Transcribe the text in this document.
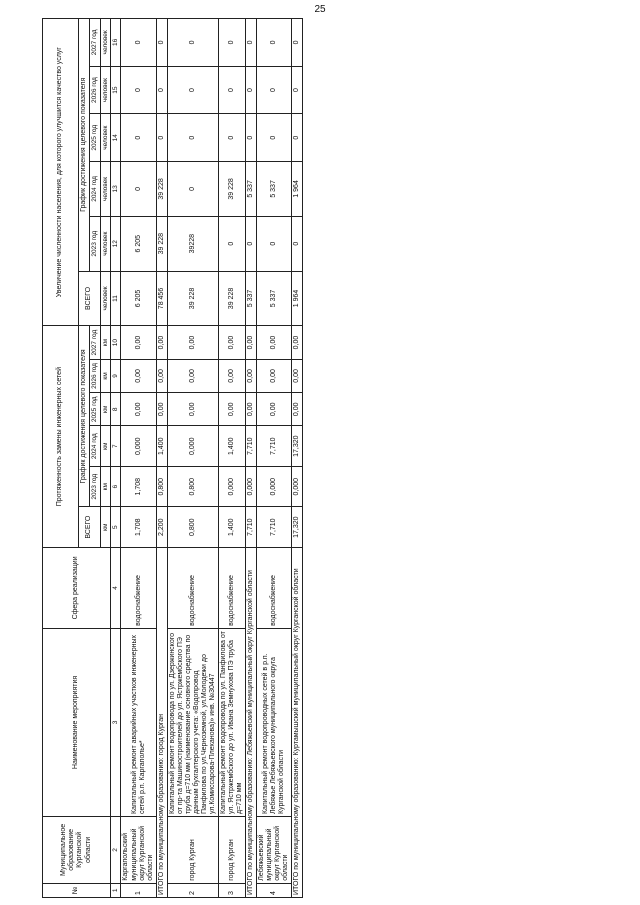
25
№	Муниципальное образование Курганской области	Наименование мероприятия	Сфера реализации	Протяженность замены инженерных сетей						Увеличение численности населения, для которого улучшится качество услуг					
				ВСЕГО	График достижения целевого показателя					ВСЕГО	График достижения целевого показателя				
					2023 год	2024 год	2025 год	2026 год	2027 год		2023 год	2024 год	2025 год	2026 год	2027 год
				км	км	км	км	км	км	человек	человек	человек	человек	человек	человек
1	2	3	4	5	6	7	8	9	10	11	12	13	14	15	16
1	Каргапольский муниципальный округ Курганской области	Капитальный ремонт аварийных участков инженерных сетей р.п. Каргаполье*	водоснабжение	1,708	1,708	0,000	0,00	0,00	0,00	6 205	6 205	0	0	0	0
ИТОГО по муниципальному образованию: город Курган				2,200	0,800	1,400	0,00	0,00	0,00	78 456	39 228	39 228	0	0	0
2	город Курган	Капитальный ремонт водопровода по ул. Дзержинского от пр-та Машиностроителей до ул. Ястржембского ПЭ труба д=710 мм (наименование основного средства по данным бухгалтерского учета: «Водопровод Панфилова по ул.Черноземной, ул.Молодежи до ул.Комиссарова-Плеханова)» инв. №30447	водоснабжение	0,800	0,800	0,000	0,00	0,00	0,00	39 228	39228	0	0	0	0
3	город Курган	Капитальный ремонт водопровода по ул. Панфилова от ул. Ястржембского до ул. Ивана Земнухова ПЭ труба д=710 мм	водоснабжение	1,400	0,000	1,400	0,00	0,00	0,00	39 228	0	39 228	0	0	0
ИТОГО по муниципальному образованию: Лебяжьевский муниципальный округ Курганской области				7,710	0,000	7,710	0,00	0,00	0,00	5 337	0	5 337	0	0	0
4	Лебяжьевский муниципальный округ Курганской области	Капитальный ремонт водопроводных сетей в р.п. Лебяжье Лебяжьевского муниципального округа Курганской области	водоснабжение	7,710	0,000	7,710	0,00	0,00	0,00	5 337	0	5 337	0	0	0
ИТОГО по муниципальному образованию: Куртамышский муниципальный округ Курганской области				17,320	0,000	17,320	0,00	0,00	0,00	1 964	0	1 964	0	0	0
